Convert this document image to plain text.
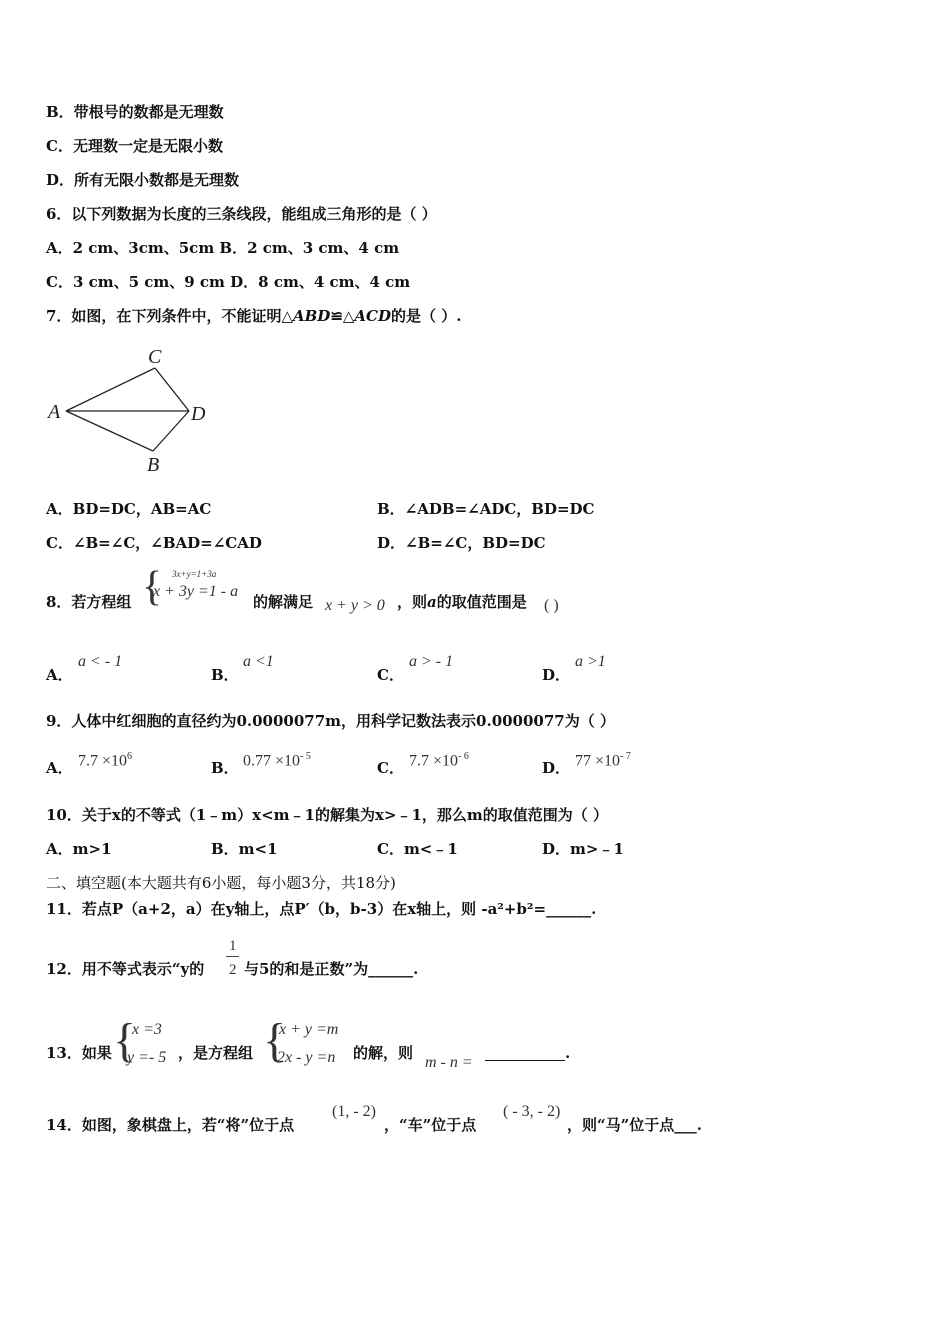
B．带根号的数都是无理数
C．无理数一定是无限小数
D．所有无限小数都是无理数
6．以下列数据为长度的三条线段，能组成三角形的是（ ）
A．2 cm、3cm、5cm B．2 cm、3 cm、4 cm
C．3 cm、5 cm、9 cm D．8 cm、4 cm、4 cm
7．如图，在下列条件中，不能证明△ABD≌△ACD的是（ ）.
C
A	D
B
A．BD=DC，AB=AC	B．∠ADB=∠ADC，BD=DC
C．∠B=∠C，∠BAD=∠CAD	D．∠B=∠C，BD=DC
8．若方程组 { 3x+y=1+3a
x + 3y =1 - a
的解满足 x + y > 0 ，则a的取值范围是 ( )
A．
a < - 1
B．
a <1
C．
a > - 1
D．
a >1
9．人体中红细胞的直径约为0.0000077m，用科学记数法表示0.0000077为（ ）
A． $7.7 \times 10^6$
B． $0.77 \times 10^{- 5}$
C． $7.7 \times 10^{- 6}$
D． $77 \times 10^{- 7}$
10．关于x的不等式（1﹣m）x<m﹣1的解集为x>﹣1，那么m的取值范围为（ ）
A．m>1	B．m<1	C．m<﹣1	D．m>﹣1
二、填空题(本大题共有6小题，每小题3分，共18分)
11．若点P（a+2，a）在y轴上，点P′（b，b-3）在x轴上，则 -a²+b²=______.
12．用不等式表示“y的
1
2 与5的和是正数”为______.
13．如果 {
x =3
y =- 5 ，是方程组 {
x + y =m
2x - y =n 的解，则
m - n =
.
14．如图，象棋盘上，若“将”位于点
(1, - 2)
，“车”位于点
( - 3, - 2)
，则“马”位于点___.
